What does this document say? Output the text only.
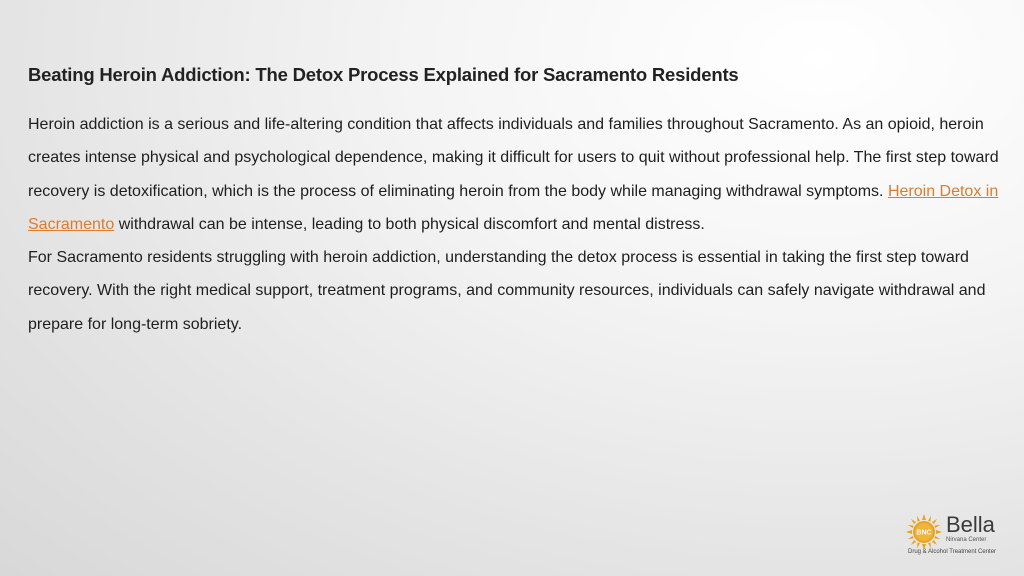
Beating Heroin Addiction: The Detox Process Explained for Sacramento Residents

Heroin addiction is a serious and life-altering condition that affects individuals and families throughout Sacramento. As an opioid, heroin creates intense physical and psychological dependence, making it difficult for users to quit without professional help. The first step toward recovery is detoxification, which is the process of eliminating heroin from the body while managing withdrawal symptoms. Heroin Detox in Sacramento withdrawal can be intense, leading to both physical discomfort and mental distress.

For Sacramento residents struggling with heroin addiction, understanding the detox process is essential in taking the first step toward recovery. With the right medical support, treatment programs, and community resources, individuals can safely navigate withdrawal and prepare for long-term sobriety.

BNC Bella
Nirvana Center
Drug & Alcohol Treatment Center
